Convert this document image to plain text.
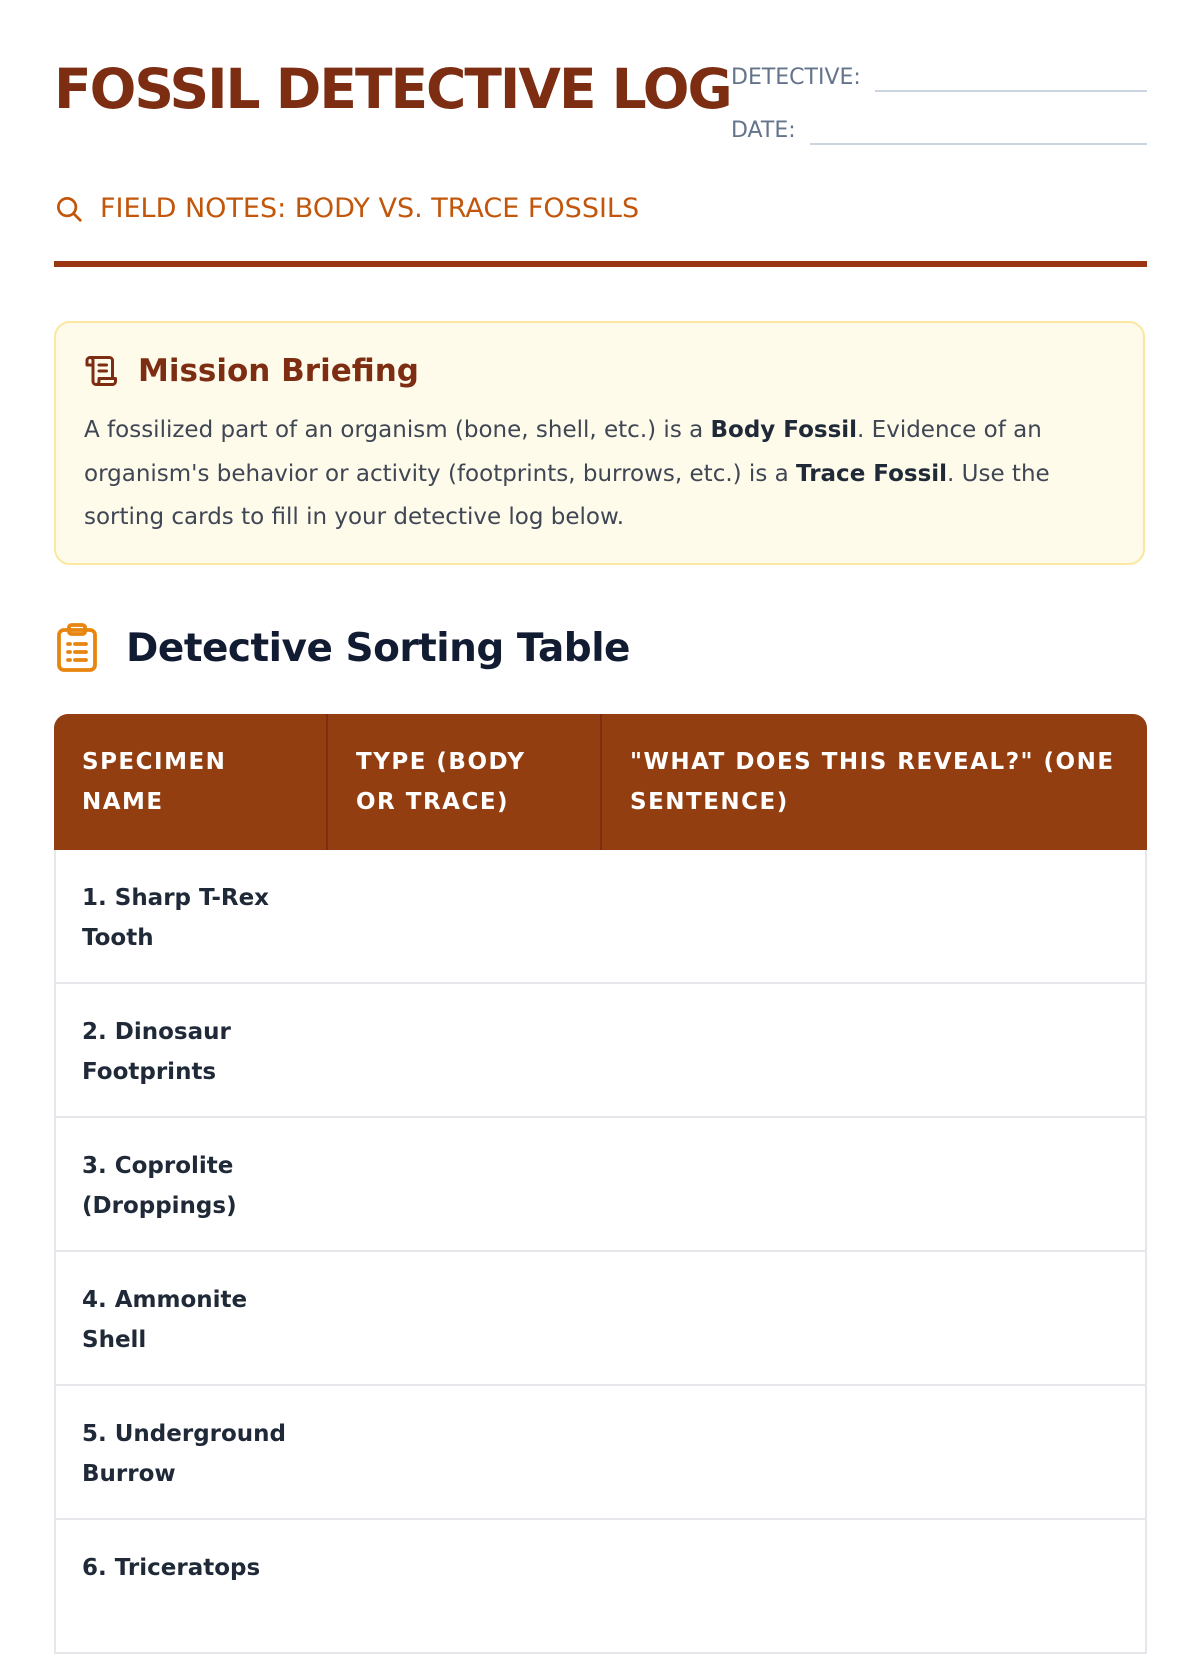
FOSSIL DETECTIVE LOG
FIELD NOTES: BODY VS. TRACE FOSSILS
DETECTIVE:
DATE:
Mission Briefing
A fossilized part of an organism (bone, shell, etc.) is a Body Fossil. Evidence of an organism's behavior or activity (footprints, burrows, etc.) is a Trace Fossil. Use the sorting cards to fill in your detective log below.
Detective Sorting Table
SPECIMEN NAME
TYPE (BODY OR TRACE)
"WHAT DOES THIS REVEAL?" (ONE SENTENCE)
1. Sharp T-Rex Tooth
2. Dinosaur Footprints
3. Coprolite (Droppings)
4. Ammonite Shell
5. Underground Burrow
6. Triceratops
